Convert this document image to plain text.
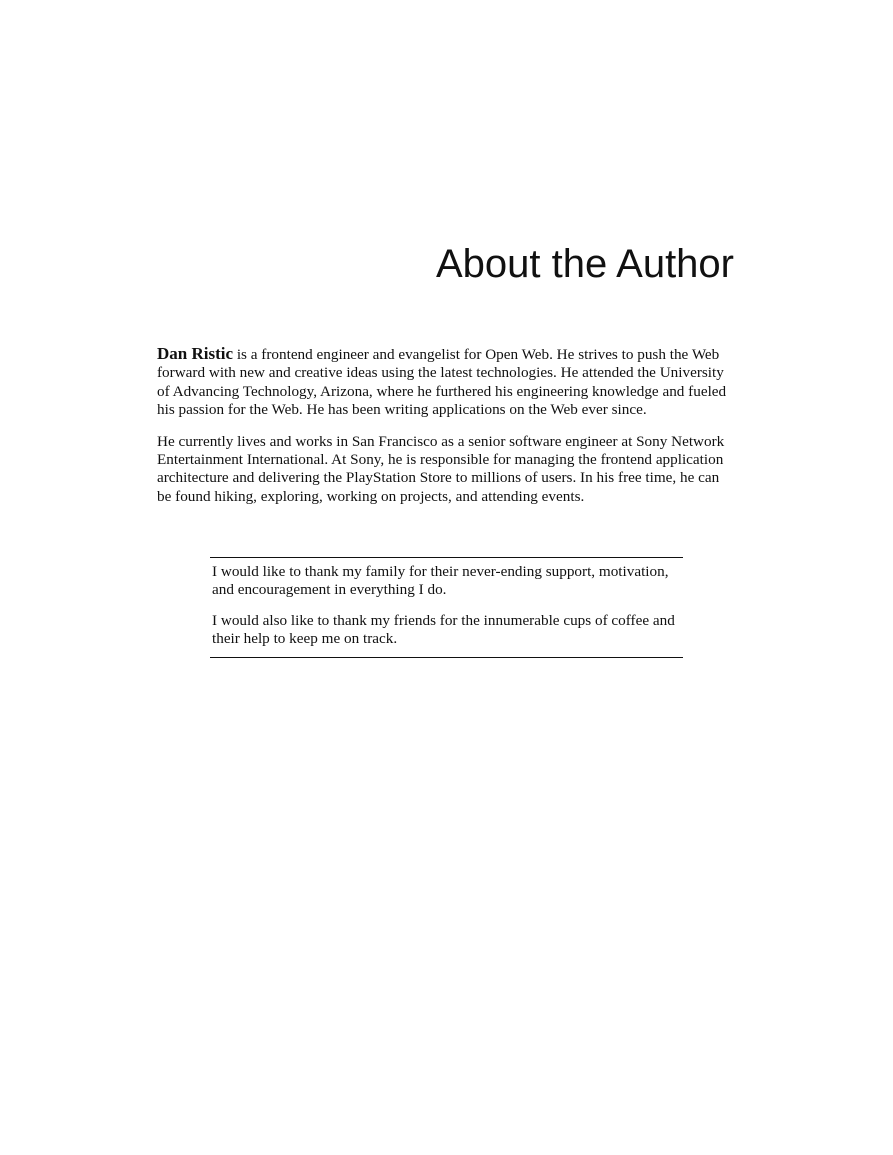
About the Author

Dan Ristic is a frontend engineer and evangelist for Open Web. He strives to push the Web forward with new and creative ideas using the latest technologies. He attended the University of Advancing Technology, Arizona, where he furthered his engineering knowledge and fueled his passion for the Web. He has been writing applications on the Web ever since.

He currently lives and works in San Francisco as a senior software engineer at Sony Network Entertainment International. At Sony, he is responsible for managing the frontend application architecture and delivering the PlayStation Store to millions of users. In his free time, he can be found hiking, exploring, working on projects, and attending events.

I would like to thank my family for their never-ending support, motivation, and encouragement in everything I do.

I would also like to thank my friends for the innumerable cups of coffee and their help to keep me on track.
